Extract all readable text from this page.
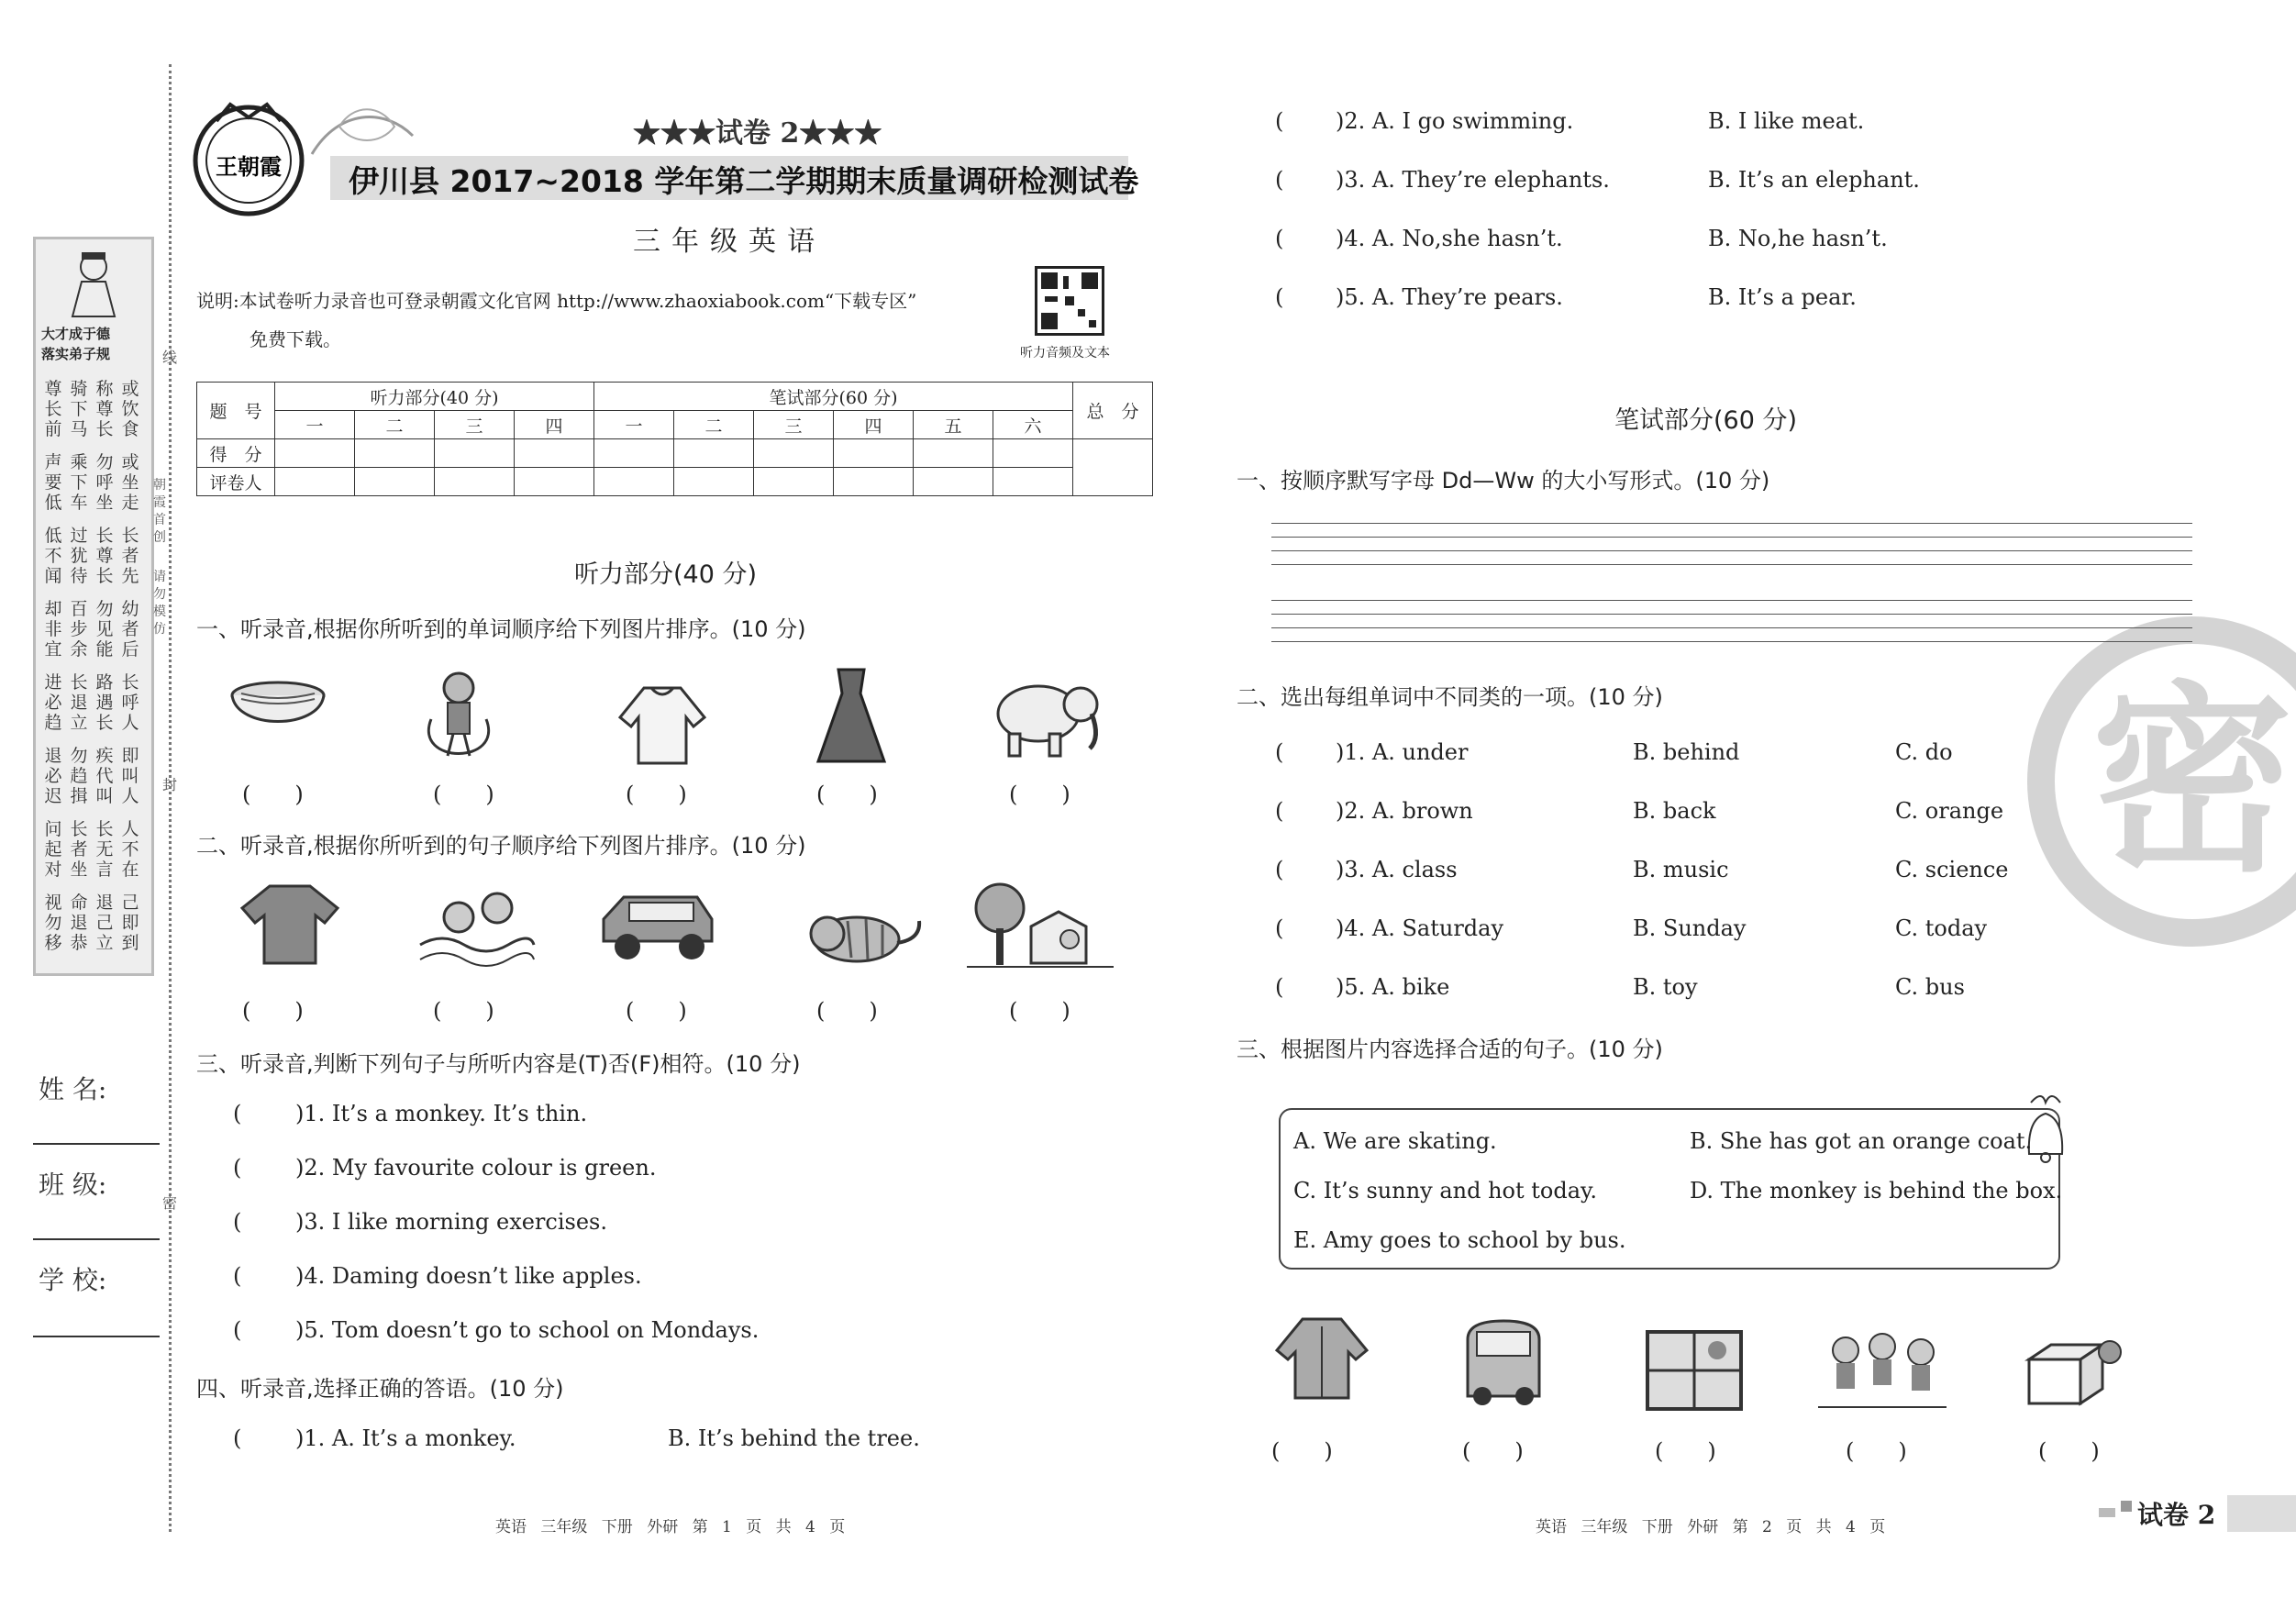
大才成于德
落实弟子规
尊长前
骑下马
称尊长
或饮食
声要低
乘下车
勿呼坐
或坐走
低不闻
过犹待
长尊长
长者先
却非宜
百步余
勿见能
幼者后
进必趋
长退立
路遇长
长呼人
退必迟
勿趋揖
疾代叫
即叫人
问起对
长者坐
长无言
人不在
视勿移
命退恭
退己立
己即到
线
朝霞首创
请勿模仿
封
密
姓 名:
班 级:
学 校:
王朝霞
★★★试卷 2★★★
伊川县 2017~2018 学年第二学期期末质量调研检测试卷
三年级英语
说明:本试卷听力录音也可登录朝霞文化官网 http://www.zhaoxiabook.com“下载专区”
免费下载。
听力音频及文本
题　号	听力部分(40 分)				笔试部分(60 分)						总　分
	一	二	三	四	一	二	三	四	五	六	
得　分											
评卷人											
听力部分(40 分)
一、听录音,根据你所听到的单词顺序给下列图片排序。(10 分)
(　　)	(　　)	(　　)	(　　)	(　　)
二、听录音,根据你所听到的句子顺序给下列图片排序。(10 分)
(　　)	(　　)	(　　)	(　　)	(　　)
三、听录音,判断下列句子与所听内容是(T)否(F)相符。(10 分)
( )1. It’s a monkey. It’s thin.
( )2. My favourite colour is green.
( )3. I like morning exercises.
( )4. Daming doesn’t like apples.
( )5. Tom doesn’t go to school on Mondays.
四、听录音,选择正确的答语。(10 分)
( )1. A. It’s a monkey.	B. It’s behind the tree.
英语 三年级 下册 外研 第 1 页 共 4 页
( )2. A. I go swimming.	B. I like meat.
( )3. A. They’re elephants.	B. It’s an elephant.
( )4. A. No,she hasn’t.	B. No,he hasn’t.
( )5. A. They’re pears.	B. It’s a pear.
密
笔试部分(60 分)
一、按顺序默写字母 Dd—Ww 的大小写形式。(10 分)
二、选出每组单词中不同类的一项。(10 分)
( )1. A. under	B. behind	C. do
( )2. A. brown	B. back	C. orange
( )3. A. class	B. music	C. science
( )4. A. Saturday	B. Sunday	C. today
( )5. A. bike	B. toy	C. bus
三、根据图片内容选择合适的句子。(10 分)
A. We are skating.	B. She has got an orange coat.
C. It’s sunny and hot today.	D. The monkey is behind the box.
E. Amy goes to school by bus.
(　　)	(　　)	(　　)	(　　)	(　　)
英语 三年级 下册 外研 第 2 页 共 4 页	试卷 2
